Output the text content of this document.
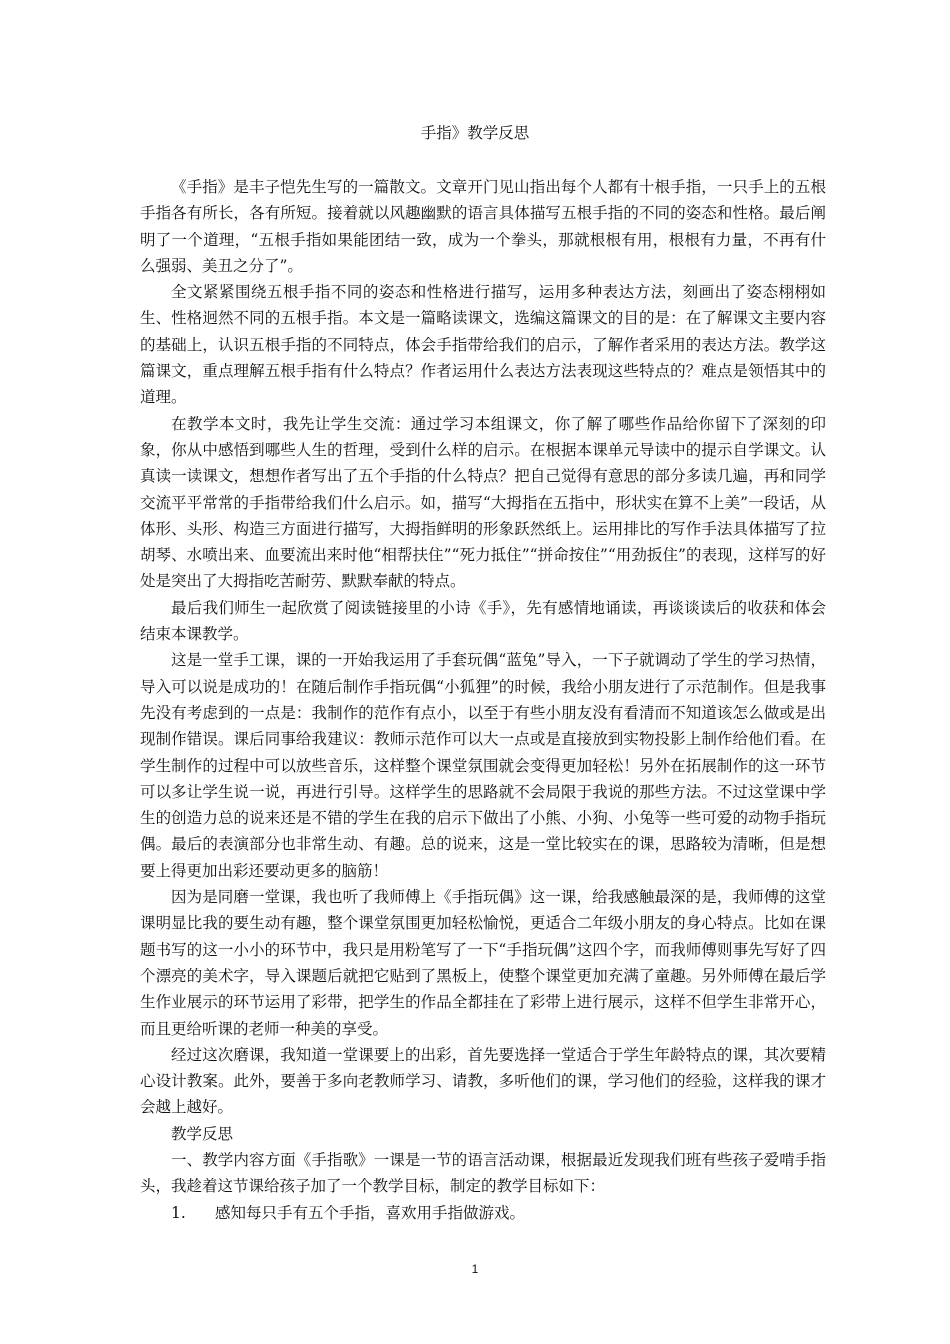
手指》教学反思

《手指》是丰子恺先生写的一篇散文。文章开门见山指出每个人都有十根手指，一只手上的五根手指各有所长，各有所短。接着就以风趣幽默的语言具体描写五根手指的不同的姿态和性格。最后阐明了一个道理，“五根手指如果能团结一致，成为一个拳头，那就根根有用，根根有力量，不再有什么强弱、美丑之分了”。

全文紧紧围绕五根手指不同的姿态和性格进行描写，运用多种表达方法，刻画出了姿态栩栩如生、性格迥然不同的五根手指。本文是一篇略读课文，选编这篇课文的目的是：在了解课文主要内容的基础上，认识五根手指的不同特点，体会手指带给我们的启示，了解作者采用的表达方法。教学这篇课文，重点理解五根手指有什么特点？作者运用什么表达方法表现这些特点的？难点是领悟其中的道理。

在教学本文时，我先让学生交流：通过学习本组课文，你了解了哪些作品给你留下了深刻的印象，你从中感悟到哪些人生的哲理，受到什么样的启示。在根据本课单元导读中的提示自学课文。认真读一读课文，想想作者写出了五个手指的什么特点？把自己觉得有意思的部分多读几遍，再和同学交流平平常常的手指带给我们什么启示。如，描写“大拇指在五指中，形状实在算不上美”一段话，从体形、头形、构造三方面进行描写，大拇指鲜明的形象跃然纸上。运用排比的写作手法具体描写了拉胡琴、水喷出来、血要流出来时他“相帮扶住”“死力抵住”“拼命按住”“用劲扳住”的表现，这样写的好处是突出了大拇指吃苦耐劳、默默奉献的特点。

最后我们师生一起欣赏了阅读链接里的小诗《手》，先有感情地诵读，再谈谈读后的收获和体会结束本课教学。

这是一堂手工课，课的一开始我运用了手套玩偶“蓝兔”导入，一下子就调动了学生的学习热情，导入可以说是成功的！在随后制作手指玩偶“小狐狸”的时候，我给小朋友进行了示范制作。但是我事先没有考虑到的一点是：我制作的范作有点小，以至于有些小朋友没有看清而不知道该怎么做或是出现制作错误。课后同事给我建议：教师示范作可以大一点或是直接放到实物投影上制作给他们看。在学生制作的过程中可以放些音乐，这样整个课堂氛围就会变得更加轻松！另外在拓展制作的这一环节可以多让学生说一说，再进行引导。这样学生的思路就不会局限于我说的那些方法。不过这堂课中学生的创造力总的说来还是不错的学生在我的启示下做出了小熊、小狗、小兔等一些可爱的动物手指玩偶。最后的表演部分也非常生动、有趣。总的说来，这是一堂比较实在的课，思路较为清晰，但是想要上得更加出彩还要动更多的脑筋！

因为是同磨一堂课，我也听了我师傅上《手指玩偶》这一课，给我感触最深的是，我师傅的这堂课明显比我的要生动有趣，整个课堂氛围更加轻松愉悦，更适合二年级小朋友的身心特点。比如在课题书写的这一小小的环节中，我只是用粉笔写了一下“手指玩偶”这四个字，而我师傅则事先写好了四个漂亮的美术字，导入课题后就把它贴到了黑板上，使整个课堂更加充满了童趣。另外师傅在最后学生作业展示的环节运用了彩带，把学生的作品全都挂在了彩带上进行展示，这样不但学生非常开心，而且更给听课的老师一种美的享受。

经过这次磨课，我知道一堂课要上的出彩，首先要选择一堂适合于学生年龄特点的课，其次要精心设计教案。此外，要善于多向老教师学习、请教，多听他们的课，学习他们的经验，这样我的课才会越上越好。

教学反思

一、教学内容方面《手指歌》一课是一节的语言活动课，根据最近发现我们班有些孩子爱啃手指头，我趁着这节课给孩子加了一个教学目标，制定的教学目标如下：

1. 感知每只手有五个手指，喜欢用手指做游戏。

1
